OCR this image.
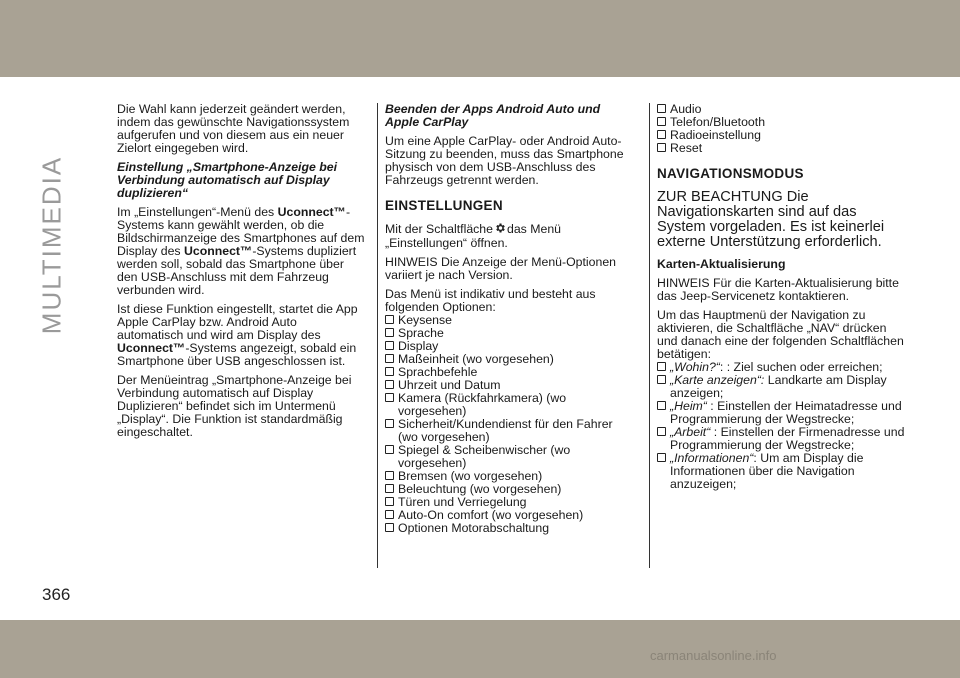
MULTIMEDIA

Die Wahl kann jederzeit geändert werden, indem das gewünschte Navigationssystem aufgerufen und von diesem aus ein neuer Zielort eingegeben wird.

Einstellung „Smartphone-Anzeige bei Verbindung automatisch auf Display duplizieren“

Im „Einstellungen“-Menü des Uconnect™-Systems kann gewählt werden, ob die Bildschirmanzeige des Smartphones auf dem Display des Uconnect™-Systems dupliziert werden soll, sobald das Smartphone über den USB-Anschluss mit dem Fahrzeug verbunden wird.

Ist diese Funktion eingestellt, startet die App Apple CarPlay bzw. Android Auto automatisch und wird am Display des Uconnect™-Systems angezeigt, sobald ein Smartphone über USB angeschlossen ist.

Der Menüeintrag „Smartphone-Anzeige bei Verbindung automatisch auf Display Duplizieren“ befindet sich im Untermenü „Display“. Die Funktion ist standardmäßig eingeschaltet.

Beenden der Apps Android Auto und Apple CarPlay

Um eine Apple CarPlay- oder Android Auto-Sitzung zu beenden, muss das Smartphone physisch von dem USB-Anschluss des Fahrzeugs getrennt werden.

EINSTELLUNGEN

Mit der Schaltfläche das Menü „Einstellungen“ öffnen.

HINWEIS Die Anzeige der Menü-Optionen variiert je nach Version.

Das Menü ist indikativ und besteht aus folgenden Optionen:

Keysense
Sprache
Display
Maßeinheit (wo vorgesehen)
Sprachbefehle
Uhrzeit und Datum
Kamera (Rückfahrkamera) (wo vorgesehen)
Sicherheit/Kundendienst für den Fahrer (wo vorgesehen)
Spiegel & Scheibenwischer (wo vorgesehen)
Bremsen (wo vorgesehen)
Beleuchtung (wo vorgesehen)
Türen und Verriegelung
Auto-On comfort (wo vorgesehen)
Optionen Motorabschaltung
Audio
Telefon/Bluetooth
Radioeinstellung
Reset
NAVIGATIONSMODUS

ZUR BEACHTUNG Die Navigationskarten sind auf das System vorgeladen. Es ist keinerlei externe Unterstützung erforderlich.

Karten-Aktualisierung

HINWEIS Für die Karten-Aktualisierung bitte das Jeep-Servicenetz kontaktieren.

Um das Hauptmenü der Navigation zu aktivieren, die Schaltfläche „NAV“ drücken und danach eine der folgenden Schaltflächen betätigen:

„Wohin?“: : Ziel suchen oder erreichen;
„Karte anzeigen“: Landkarte am Display anzeigen;
„Heim“ : Einstellen der Heimatadresse und Programmierung der Wegstrecke;
„Arbeit“ : Einstellen der Firmenadresse und Programmierung der Wegstrecke;
„Informationen“: Um am Display die Informationen über die Navigation anzuzeigen;
366
carmanualsonline.info
